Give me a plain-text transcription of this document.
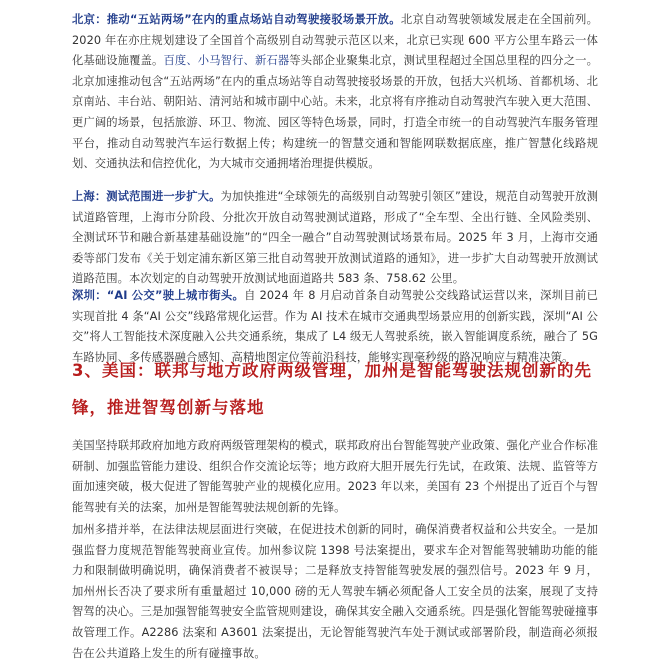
北京：推动“五站两场”在内的重点场站自动驾驶接驳场景开放。北京自动驾驶领域发展走在全国前列。2020 年在亦庄规划建设了全国首个高级别自动驾驶示范区以来，北京已实现 600 平方公里车路云一体化基础设施覆盖。百度、小马智行、新石器等头部企业聚集北京，测试里程超过全国总里程的四分之一。北京加速推动包含“五站两场”在内的重点场站等自动驾驶接驳场景的开放，包括大兴机场、首都机场、北京南站、丰台站、朝阳站、清河站和城市副中心站。未来，北京将有序推动自动驾驶汽车驶入更大范围、更广阔的场景，包括旅游、环卫、物流、园区等特色场景，同时，打造全市统一的自动驾驶汽车服务管理平台，推动自动驾驶汽车运行数据上传；构建统一的智慧交通和智能网联数据底座，推广智慧化线路规划、交通执法和信控优化，为大城市交通拥堵治理提供模版。

上海：测试范围进一步扩大。为加快推进“全球领先的高级别自动驾驶引领区”建设，规范自动驾驶开放测试道路管理，上海市分阶段、分批次开放自动驾驶测试道路，形成了“全车型、全出行链、全风险类别、全测试环节和融合新基建基础设施”的“四全一融合”自动驾驶测试场景布局。2025 年 3 月，上海市交通委等部门发布《关于划定浦东新区第三批自动驾驶开放测试道路的通知》，进一步扩大自动驾驶开放测试道路范围。本次划定的自动驾驶开放测试地面道路共 583 条、758.62 公里。

深圳：“AI 公交”驶上城市街头。自 2024 年 8 月启动首条自动驾驶公交线路试运营以来，深圳目前已实现首批 4 条“AI 公交”线路常规化运营。作为 AI 技术在城市交通典型场景应用的创新实践，深圳“AI 公交”将人工智能技术深度融入公共交通系统，集成了 L4 级无人驾驶系统，嵌入智能调度系统，融合了 5G 车路协同、多传感器融合感知、高精地图定位等前沿科技，能够实现毫秒级的路况响应与精准决策。

3、美国：联邦与地方政府两级管理，加州是智能驾驶法规创新的先锋，推进智驾创新与落地

美国坚持联邦政府加地方政府两级管理架构的模式，联邦政府出台智能驾驶产业政策、强化产业合作标准研制、加强监管能力建设、组织合作交流论坛等；地方政府大胆开展先行先试，在政策、法规、监管等方面加速突破，极大促进了智能驾驶产业的规模化应用。2023 年以来，美国有 23 个州提出了近百个与智能驾驶有关的法案，加州是智能驾驶法规创新的先锋。

加州多措并举，在法律法规层面进行突破，在促进技术创新的同时，确保消费者权益和公共安全。一是加强监督力度规范智能驾驶商业宣传。加州参议院 1398 号法案提出，要求车企对智能驾驶辅助功能的能力和限制做明确说明，确保消费者不被误导；二是释放支持智能驾驶发展的强烈信号。2023 年 9 月，加州州长否决了要求所有重量超过 10,000 磅的无人驾驶车辆必须配备人工安全员的法案，展现了支持智驾的决心。三是加强智能驾驶安全监管规则建设，确保其安全融入交通系统。四是强化智能驾驶碰撞事故管理工作。A2286 法案和 A3601 法案提出，无论智能驾驶汽车处于测试或部署阶段，制造商必须报告在公共道路上发生的所有碰撞事故。
